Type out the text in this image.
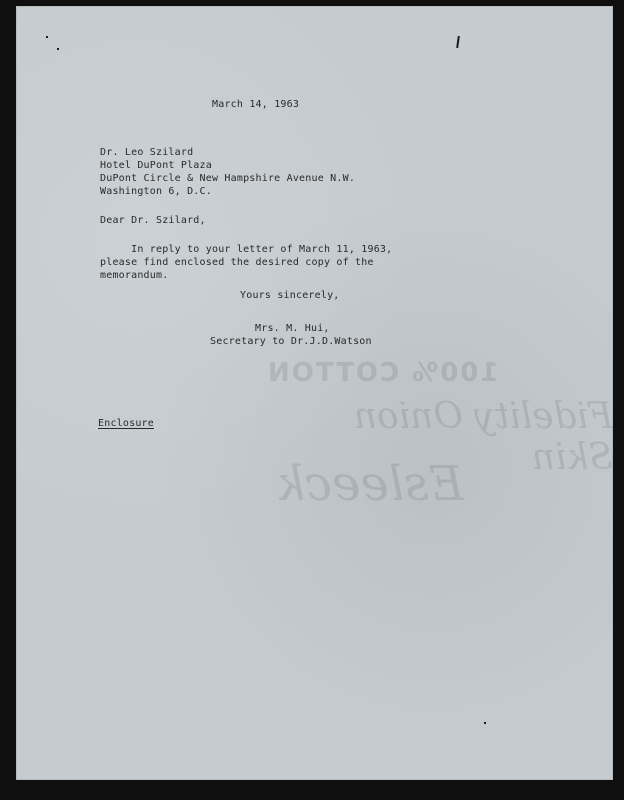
100% COTTON
Fidelity Onion Skin
Esleeck
March 14, 1963
Dr. Leo Szilard
Hotel DuPont Plaza
DuPont Circle & New Hampshire Avenue N.W.
Washington 6, D.C.
Dear Dr. Szilard,
In reply to your letter of March 11, 1963,
please find enclosed the desired copy of the
memorandum.
Yours sincerely,
Mrs. M. Hui,
Secretary to Dr.J.D.Watson
Enclosure
